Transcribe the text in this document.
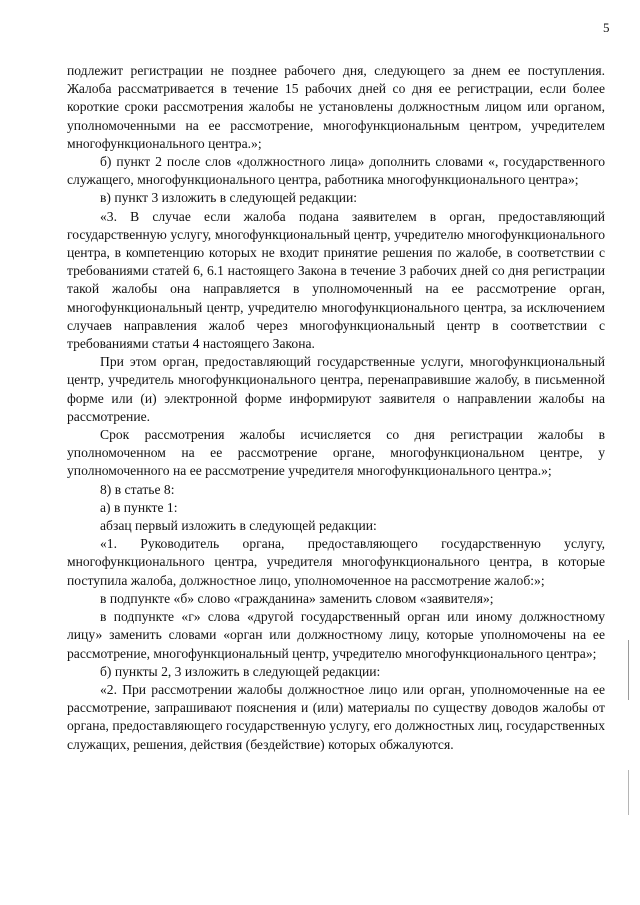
5

подлежит регистрации не позднее рабочего дня, следующего за днем ее поступления. Жалоба рассматривается в течение 15 рабочих дней со дня ее регистрации, если более короткие сроки рассмотрения жалобы не установлены должностным лицом или органом, уполномоченными на ее рассмотрение, многофункциональным центром, учредителем многофункционального центра.»;

б) пункт 2 после слов «должностного лица» дополнить словами «, государственного служащего, многофункционального центра, работника многофункционального центра»;

в) пункт 3 изложить в следующей редакции:

«3. В случае если жалоба подана заявителем в орган, предоставляющий государственную услугу, многофункциональный центр, учредителю многофункционального центра, в компетенцию которых не входит принятие решения по жалобе, в соответствии с требованиями статей 6, 6.1 настоящего Закона в течение 3 рабочих дней со дня регистрации такой жалобы она направляется в уполномоченный на ее рассмотрение орган, многофункциональный центр, учредителю многофункционального центра, за исключением случаев направления жалоб через многофункциональный центр в соответствии с требованиями статьи 4 настоящего Закона.

При этом орган, предоставляющий государственные услуги, многофункциональный центр, учредитель многофункционального центра, перенаправившие жалобу, в письменной форме или (и) электронной форме информируют заявителя о направлении жалобы на рассмотрение.

Срок рассмотрения жалобы исчисляется со дня регистрации жалобы в уполномоченном на ее рассмотрение органе, многофункциональном центре, у уполномоченного на ее рассмотрение учредителя многофункционального центра.»;

8) в статье 8:

а) в пункте 1:

абзац первый изложить в следующей редакции:

«1. Руководитель органа, предоставляющего государственную услугу, многофункционального центра, учредителя многофункционального центра, в которые поступила жалоба, должностное лицо, уполномоченное на рассмотрение жалоб:»;

в подпункте «б» слово «гражданина» заменить словом «заявителя»;

в подпункте «г» слова «другой государственный орган или иному должностному лицу» заменить словами «орган или должностному лицу, которые уполномочены на ее рассмотрение, многофункциональный центр, учредителю многофункционального центра»;

б) пункты 2, 3 изложить в следующей редакции:

«2. При рассмотрении жалобы должностное лицо или орган, уполномоченные на ее рассмотрение, запрашивают пояснения и (или) материалы по существу доводов жалобы от органа, предоставляющего государственную услугу, его должностных лиц, государственных служащих, решения, действия (бездействие) которых обжалуются.
